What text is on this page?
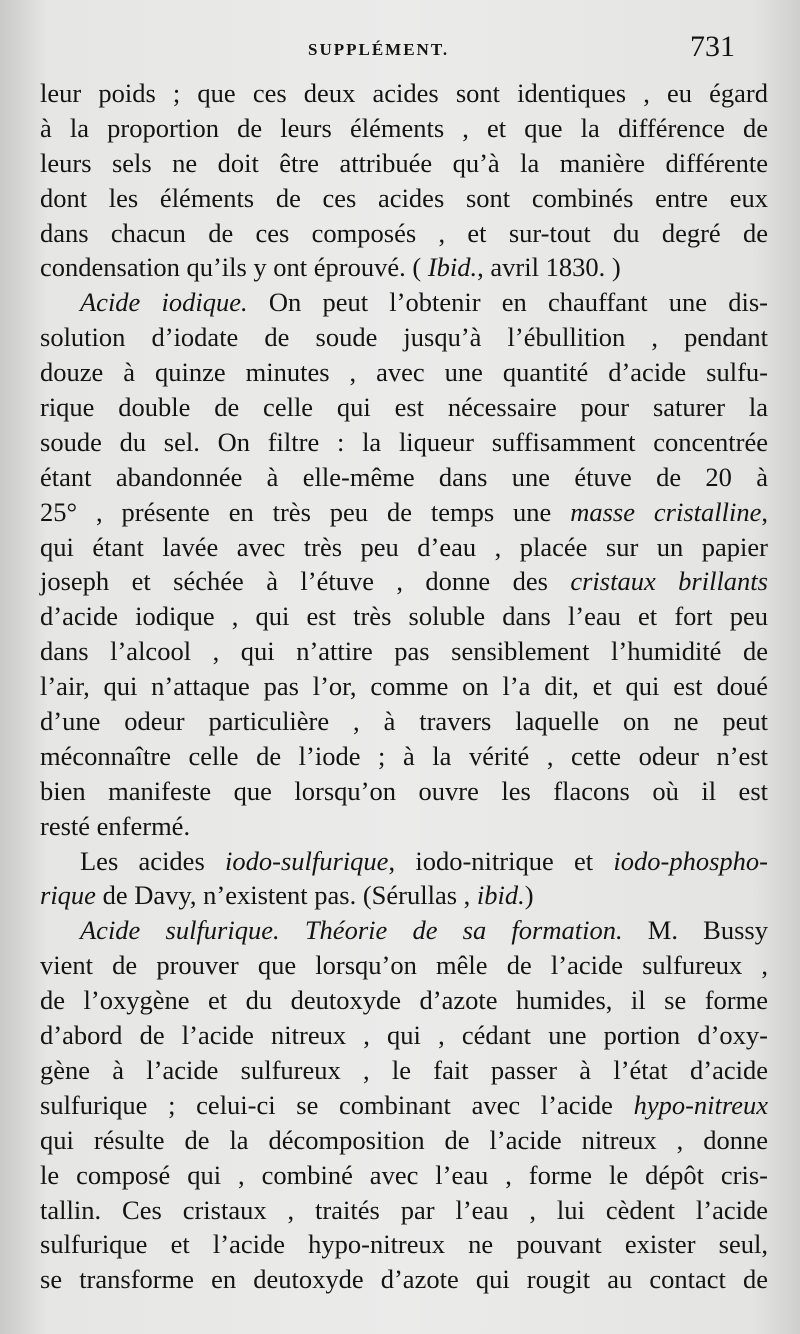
SUPPLÉMENT.	731
leur poids ; que ces deux acides sont identiques , eu égard
à la proportion de leurs éléments , et que la différence de
leurs sels ne doit être attribuée qu’à la manière différente
dont les éléments de ces acides sont combinés entre eux
dans chacun de ces composés , et sur-tout du degré de
condensation qu’ils y ont éprouvé. ( Ibid., avril 1830. )
Acide iodique. On peut l’obtenir en chauffant une dis-
solution d’iodate de soude jusqu’à l’ébullition , pendant
douze à quinze minutes , avec une quantité d’acide sulfu-
rique double de celle qui est nécessaire pour saturer la
soude du sel. On filtre : la liqueur suffisamment concentrée
étant abandonnée à elle-même dans une étuve de 20 à
25° , présente en très peu de temps une masse cristalline,
qui étant lavée avec très peu d’eau , placée sur un papier
joseph et séchée à l’étuve , donne des cristaux brillants
d’acide iodique , qui est très soluble dans l’eau et fort peu
dans l’alcool , qui n’attire pas sensiblement l’humidité de
l’air, qui n’attaque pas l’or, comme on l’a dit, et qui est doué
d’une odeur particulière , à travers laquelle on ne peut
méconnaître celle de l’iode ; à la vérité , cette odeur n’est
bien manifeste que lorsqu’on ouvre les flacons où il est
resté enfermé.
Les acides iodo-sulfurique, iodo-nitrique et iodo-phospho-
rique de Davy, n’existent pas. (Sérullas , ibid.)
Acide sulfurique. Théorie de sa formation. M. Bussy
vient de prouver que lorsqu’on mêle de l’acide sulfureux ,
de l’oxygène et du deutoxyde d’azote humides, il se forme
d’abord de l’acide nitreux , qui , cédant une portion d’oxy-
gène à l’acide sulfureux , le fait passer à l’état d’acide
sulfurique ; celui-ci se combinant avec l’acide hypo-nitreux
qui résulte de la décomposition de l’acide nitreux , donne
le composé qui , combiné avec l’eau , forme le dépôt cris-
tallin. Ces cristaux , traités par l’eau , lui cèdent l’acide
sulfurique et l’acide hypo-nitreux ne pouvant exister seul,
se transforme en deutoxyde d’azote qui rougit au contact de
